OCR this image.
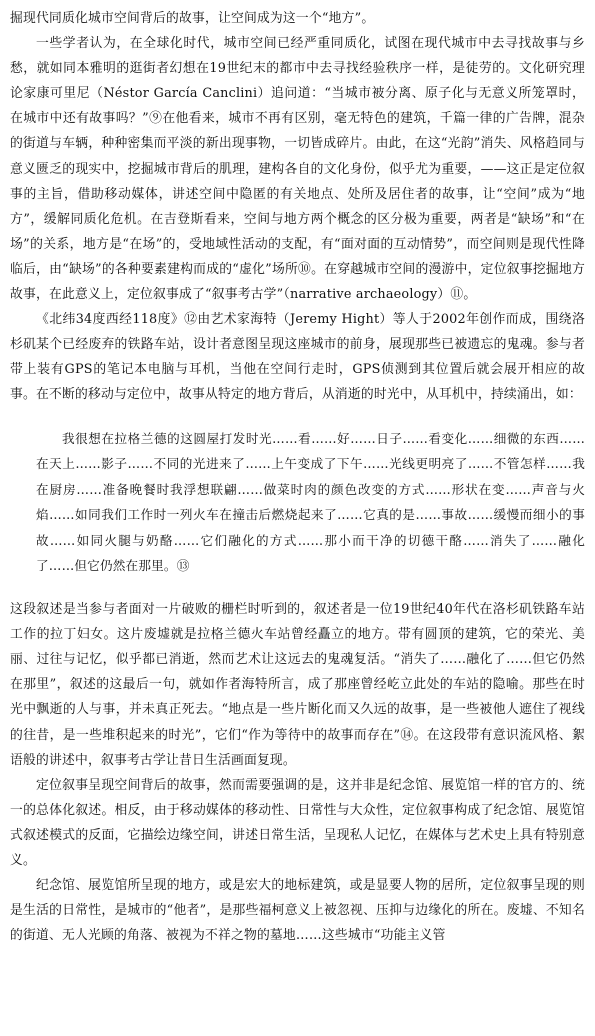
掘现代同质化城市空间背后的故事，让空间成为这一个“地方”。

一些学者认为，在全球化时代，城市空间已经严重同质化，试图在现代城市中去寻找故事与乡愁，就如同本雅明的逛街者幻想在19世纪末的都市中去寻找经验秩序一样，是徒劳的。文化研究理论家康可里尼（Néstor García Canclini）追问道：“当城市被分离、原子化与无意义所笼罩时，在城市中还有故事吗？”⑨在他看来，城市不再有区别，毫无特色的建筑，千篇一律的广告牌，混杂的街道与车辆，种种密集而平淡的新出现事物，一切皆成碎片。由此，在这“光韵”消失、风格趋同与意义匮乏的现实中，挖掘城市背后的肌理，建构各自的文化身份，似乎尤为重要，——这正是定位叙事的主旨，借助移动媒体，讲述空间中隐匿的有关地点、处所及居住者的故事，让“空间”成为“地方”，缓解同质化危机。在吉登斯看来，空间与地方两个概念的区分极为重要，两者是“缺场”和“在场”的关系，地方是“在场”的，受地域性活动的支配，有“面对面的互动情势”，而空间则是现代性降临后，由“缺场”的各种要素建构而成的“虚化”场所⑩。在穿越城市空间的漫游中，定位叙事挖掘地方故事，在此意义上，定位叙事成了“叙事考古学”（narrative archaeology）⑪。

《北纬34度西经118度》⑫由艺术家海特（Jeremy Hight）等人于2002年创作而成，围绕洛杉矶某个已经废弃的铁路车站，设计者意图呈现这座城市的前身，展现那些已被遗忘的鬼魂。参与者带上装有GPS的笔记本电脑与耳机，当他在空间行走时，GPS侦测到其位置后就会展开相应的故事。在不断的移动与定位中，故事从特定的地方背后，从消逝的时光中，从耳机中，持续涌出，如：

我很想在拉格兰德的这圆屋打发时光……看……好……日子……看变化……细微的东西……在天上……影子……不同的光进来了……上午变成了下午……光线更明亮了……不管怎样……我在厨房……准备晚餐时我浮想联翩……做菜时肉的颜色改变的方式……形状在变……声音与火焰……如同我们工作时一列火车在撞击后燃烧起来了……它真的是……事故……缓慢而细小的事故……如同火腿与奶酪……它们融化的方式……那小而干净的切德干酪……消失了……融化了……但它仍然在那里。⑬

这段叙述是当参与者面对一片破败的栅栏时听到的，叙述者是一位19世纪40年代在洛杉矶铁路车站工作的拉丁妇女。这片废墟就是拉格兰德火车站曾经矗立的地方。带有圆顶的建筑，它的荣光、美丽、过往与记忆，似乎都已消逝，然而艺术让这远去的鬼魂复活。“消失了……融化了……但它仍然在那里”，叙述的这最后一句，就如作者海特所言，成了那座曾经屹立此处的车站的隐喻。那些在时光中飘逝的人与事，并未真正死去。“地点是一些片断化而又久远的故事，是一些被他人遮住了视线的往昔，是一些堆积起来的时光”，它们“作为等待中的故事而存在”⑭。在这段带有意识流风格、絮语般的讲述中，叙事考古学让昔日生活画面复现。

定位叙事呈现空间背后的故事，然而需要强调的是，这并非是纪念馆、展览馆一样的官方的、统一的总体化叙述。相反，由于移动媒体的移动性、日常性与大众性，定位叙事构成了纪念馆、展览馆式叙述模式的反面，它描绘边缘空间，讲述日常生活，呈现私人记忆，在媒体与艺术史上具有特别意义。

纪念馆、展览馆所呈现的地方，或是宏大的地标建筑，或是显要人物的居所，定位叙事呈现的则是生活的日常性，是城市的“他者”，是那些福柯意义上被忽视、压抑与边缘化的所在。废墟、不知名的街道、无人光顾的角落、被视为不祥之物的墓地……这些城市“功能主义管
